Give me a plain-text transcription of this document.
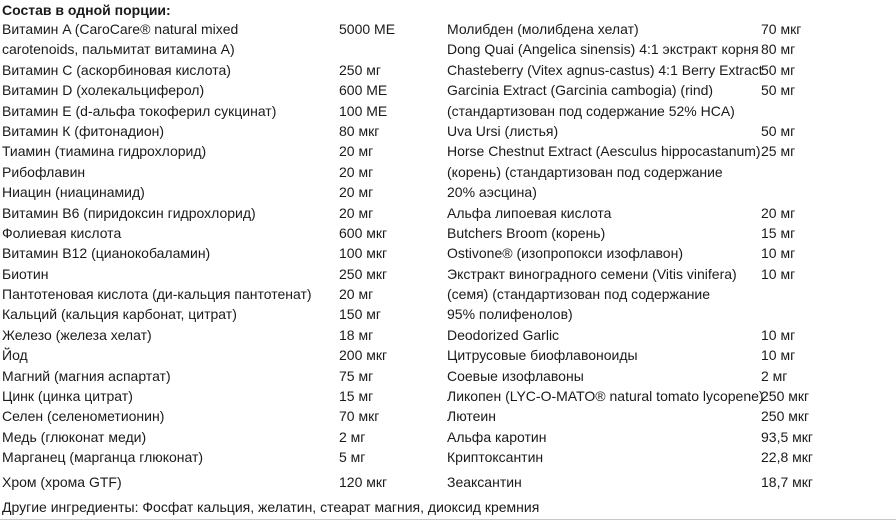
Состав в одной порции:
Витамин A (CaroCare® natural mixed	5000 МЕ
carotenoids, пальмитат витамина A)
Витамин C (аскорбиновая кислота)	250 мг
Витамин D (холекальциферол)	600 МЕ
Витамин E (d-альфа токоферил сукцинат)	100 МЕ
Витамин К (фитонадион)	80 мкг
Тиамин (тиамина гидрохлорид)	20 мг
Рибофлавин	20 мг
Ниацин (ниацинамид)	20 мг
Витамин B6 (пиридоксин гидрохлорид)	20 мг
Фолиевая кислота	600 мкг
Витамин B12 (цианокобаламин)	100 мкг
Биотин	250 мкг
Пантотеновая кислота (ди-кальция пантотенат) 20 мг
Кальций (кальция карбонат, цитрат)	150 мг
Железо (железа хелат)	18 мг
Йод	200 мкг
Магний (магния аспартат)	75 мг
Цинк (цинка цитрат)	15 мг
Селен (селенометионин)	70 мкг
Медь (глюконат меди)	2 мг
Марганец (марганца глюконат)	5 мг
Хром (хрома GTF)	120 мкг
Молибден (молибдена хелат)	70 мкг
Dong Quai (Angelica sinensis) 4:1 экстракт корня 80 мг
Chasteberry (Vitex agnus-castus) 4:1 Berry Extract
50 мг
Garcinia Extract (Garcinia cambogia) (rind)	50 мг
(стандартизован под содержание 52% HCA)
Uva Ursi (листья)	50 мг
Horse Chestnut Extract (Aesculus hippocastanum) 25 мг
(корень) (стандартизован под содержание
20% аэсцина)
Альфа липоевая кислота	20 мг
Butchers Broom (корень)	15 мг
Ostivone® (изопропокси изофлавон)	10 мг
Экстракт виноградного семени (Vitis vinifera) 10 мг
(семя) (стандартизован под содержание
95% полифенолов)
Deodorized Garlic	10 мг
Цитрусовые биофлавоноиды	10 мг
Соевые изофлавоны	2 мг
Ликопен (LYC-O-MATO® natural tomato lycopene)
250 мкг
Лютеин	250 мкг
Альфа каротин	93,5 мкг
Криптоксантин	22,8 мкг
Зеаксантин	18,7 мкг
Другие ингредиенты: Фосфат кальция, желатин, стеарат магния, диоксид кремния
